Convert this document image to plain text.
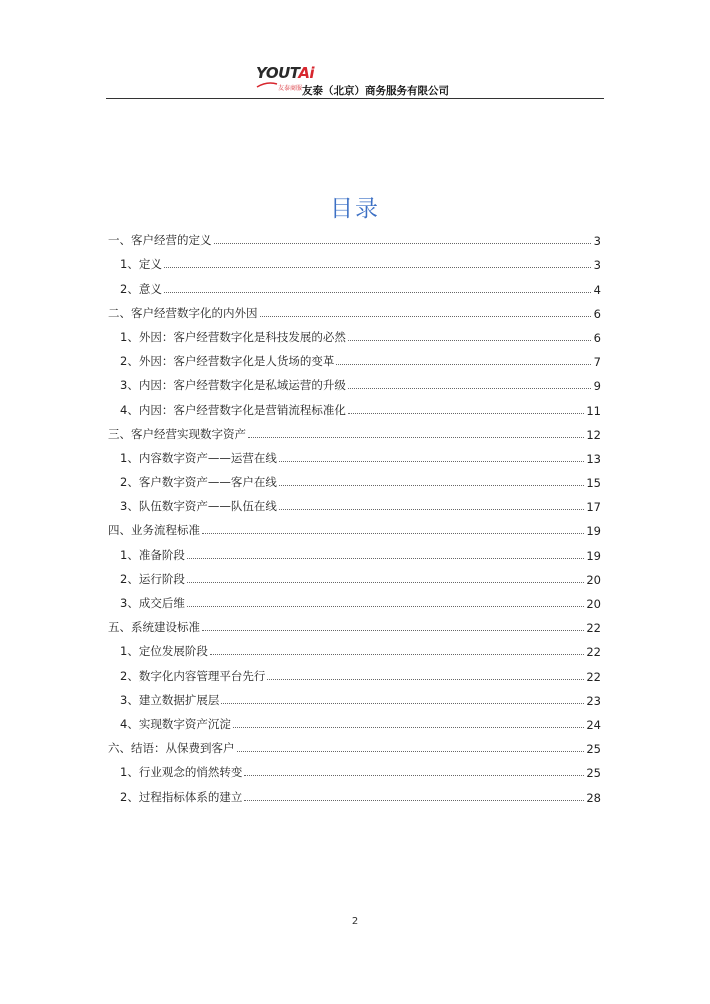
YOUTAi
友泰商服 友泰（北京）商务服务有限公司
目录
一、客户经营的定义	3
1、定义	3
2、意义	4
二、客户经营数字化的内外因	6
1、外因：客户经营数字化是科技发展的必然	6
2、外因：客户经营数字化是人货场的变革	7
3、内因：客户经营数字化是私域运营的升级	9
4、内因：客户经营数字化是营销流程标准化	11
三、客户经营实现数字资产	12
1、内容数字资产——运营在线	13
2、客户数字资产——客户在线	15
3、队伍数字资产——队伍在线	17
四、业务流程标准	19
1、准备阶段	19
2、运行阶段	20
3、成交后维	20
五、系统建设标准	22
1、定位发展阶段	22
2、数字化内容管理平台先行	22
3、建立数据扩展层	23
4、实现数字资产沉淀	24
六、结语：从保费到客户	25
1、行业观念的悄然转变	25
2、过程指标体系的建立	28
2
